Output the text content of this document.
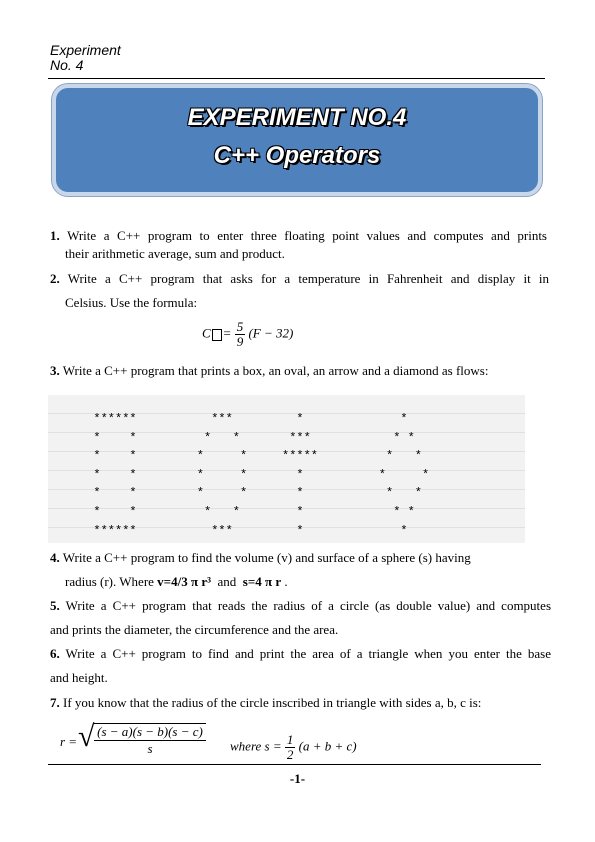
Experiment
No. 4
EXPERIMENT NO.4
C++ Operators
1. Write a C++ program to enter three floating point values and computes and prints
their arithmetic average, sum and product.
2. Write a C++ program that asks for a temperature in Fahrenheit and display it in
Celsius. Use the formula:
$C = \frac{5}{9} (F - 32)$
3. Write a C++ program that prints a box, an oval, an arrow and a diamond as flows:
******	***	*	*
*    *	*   *	***	* *
*    *	*     *	*****	*   *
*    *	*     *	*	*     *
*    *	*     *	*	*   *
*    *	*   *	*	* *
******	***	*	*
4. Write a C++ program to find the volume (v) and surface of a sphere (s) having
radius (r). Where v=4/3 π r³  and  s=4 π r .
5. Write a C++ program that reads the radius of a circle (as double value) and computes
and prints the diameter, the circumference and the area.
6. Write a C++ program to find and print the area of a triangle when you enter the base
and height.
7. If you know that the radius of the circle inscribed in triangle with sides a, b, c is:
r = √ $\frac{(s - a)(s - b)(s - c)}{s}$ where $s = \frac{1}{2} (a + b + c)$
-1-
